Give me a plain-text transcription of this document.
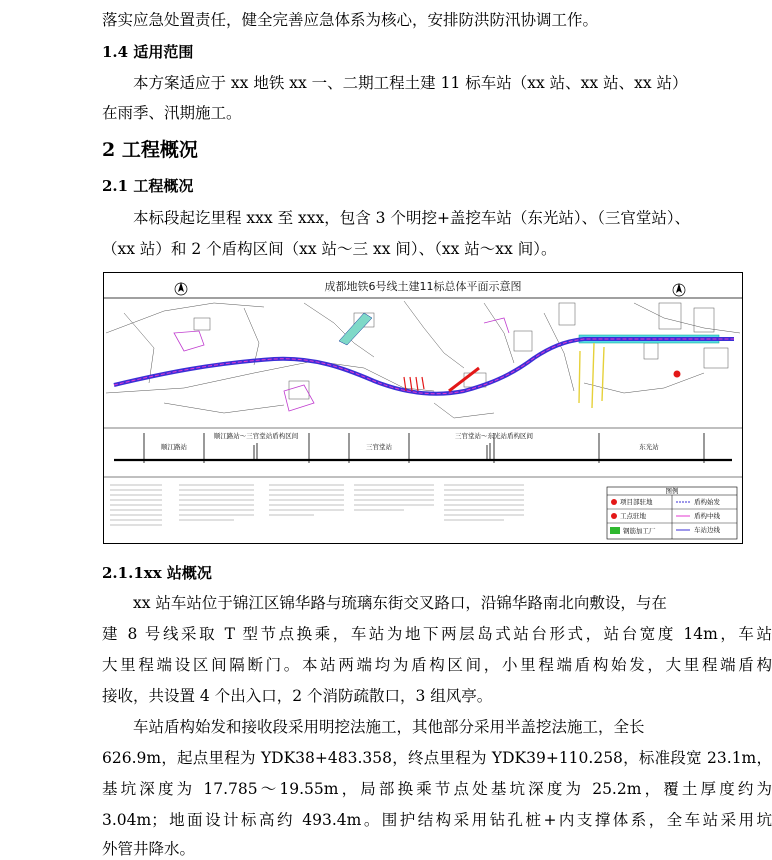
落实应急处置责任，健全完善应急体系为核心，安排防洪防汛协调工作。
1.4 适用范围
本方案适应于 xx 地铁 xx 一、二期工程土建 11 标车站（xx 站、xx 站、xx 站）
在雨季、汛期施工。
2 工程概况
2.1 工程概况
本标段起讫里程 xxx 至 xxx，包含 3 个明挖+盖挖车站（东光站）、（三官堂站）、
（xx 站）和 2 个盾构区间（xx 站～三 xx 间）、（xx 站～xx 间）。
成都地铁6号线土建11标总体平面示意图
顺江路站
顺江路站～三官堂站盾构区间
三官堂站
三官堂站～东光站盾构区间
东光站
图例
项目部驻地	盾构始发
工点驻地	盾构中线
钢筋加工厂	车站边线
2.1.1xx 站概况
xx 站车站位于锦江区锦华路与琉璃东街交叉路口，沿锦华路南北向敷设，与在
建 8 号线采取 T 型节点换乘，车站为地下两层岛式站台形式，站台宽度 14m，车站
大里程端设区间隔断门。本站两端均为盾构区间，小里程端盾构始发，大里程端盾构
接收，共设置 4 个出入口，2 个消防疏散口，3 组风亭。
车站盾构始发和接收段采用明挖法施工，其他部分采用半盖挖法施工，全长
626.9m，起点里程为 YDK38+483.358，终点里程为 YDK39+110.258，标准段宽 23.1m，
基坑深度为 17.785～19.55m，局部换乘节点处基坑深度为 25.2m，覆土厚度约为
3.04m；地面设计标高约 493.4m。围护结构采用钻孔桩+内支撑体系，全车站采用坑
外管井降水。
